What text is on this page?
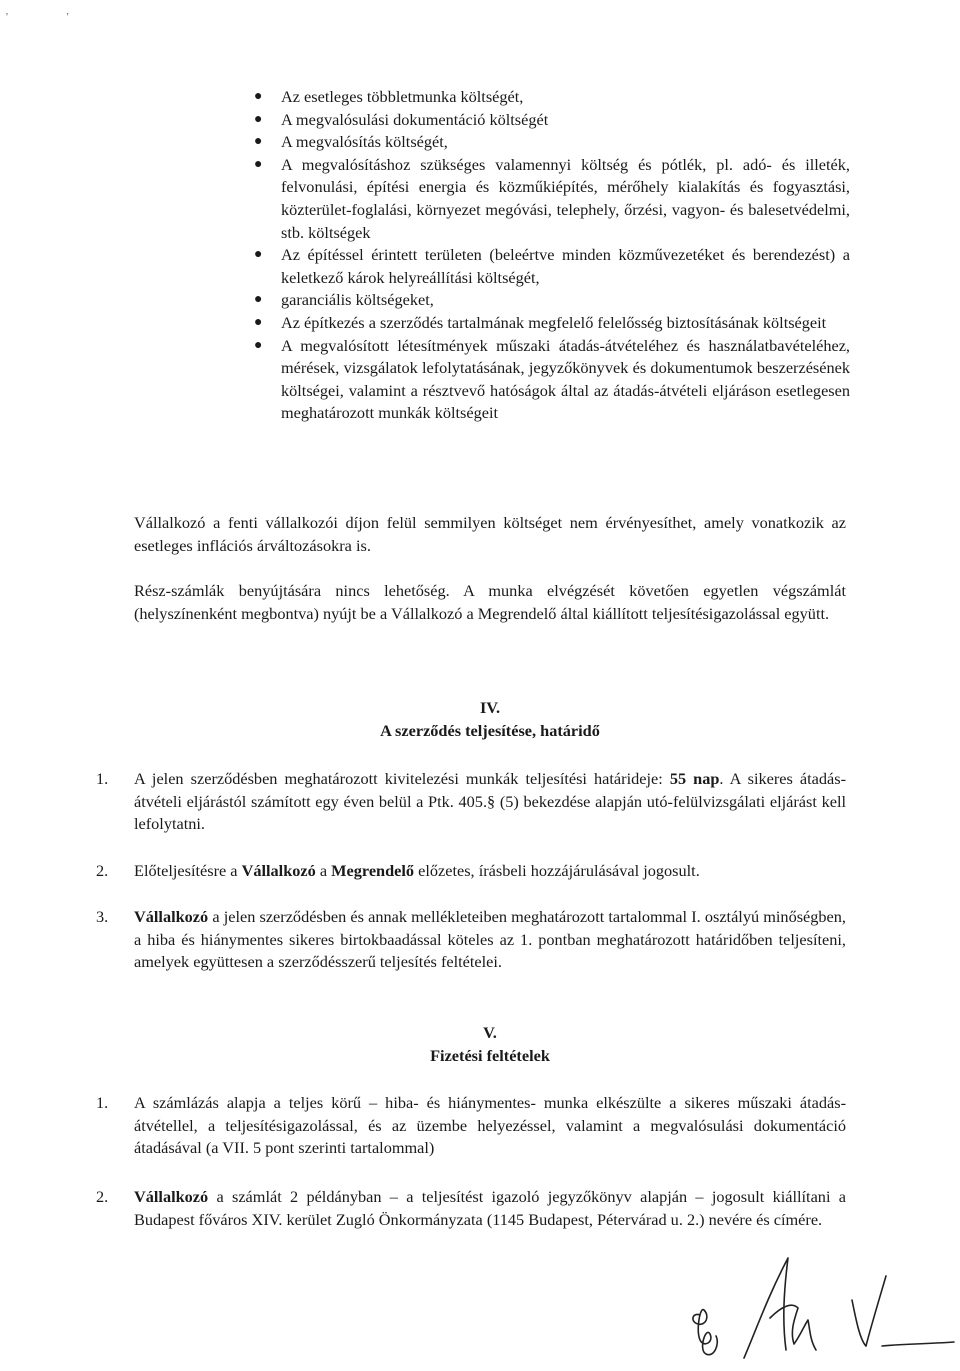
' '
● Az esetleges többletmunka költségét,
● A megvalósulási dokumentáció költségét
● A megvalósítás költségét,
● A megvalósításhoz szükséges valamennyi költség és pótlék, pl. adó- és illeték, felvonulási, építési energia és közműkiépítés, mérőhely kialakítás és fogyasztási, közterület-foglalási, környezet megóvási, telephely, őrzési, vagyon- és balesetvédelmi, stb. költségek
● Az építéssel érintett területen (beleértve minden közművezetéket és berendezést) a keletkező károk helyreállítási költségét,
● garanciális költségeket,
● Az építkezés a szerződés tartalmának megfelelő felelősség biztosításának költségeit
● A megvalósított létesítmények műszaki átadás-átvételéhez és használatbavételéhez, mérések, vizsgálatok lefolytatásának, jegyzőkönyvek és dokumentumok beszerzésének költségei, valamint a résztvevő hatóságok által az átadás-átvételi eljáráson esetlegesen meghatározott munkák költségeit

Vállalkozó a fenti vállalkozói díjon felül semmilyen költséget nem érvényesíthet, amely vonatkozik az esetleges inflációs árváltozásokra is.

Rész-számlák benyújtására nincs lehetőség. A munka elvégzését követően egyetlen végszámlát (helyszínenként megbontva) nyújt be a Vállalkozó a Megrendelő által kiállított teljesítésigazolással együtt.

IV.
A szerződés teljesítése, határidő
1. A jelen szerződésben meghatározott kivitelezési munkák teljesítési határideje: 55 nap. A sikeres átadás-átvételi eljárástól számított egy éven belül a Ptk. 405.§ (5) bekezdése alapján utó-felülvizsgálati eljárást kell lefolytatni.
2. Előteljesítésre a Vállalkozó a Megrendelő előzetes, írásbeli hozzájárulásával jogosult.
3. Vállalkozó a jelen szerződésben és annak mellékleteiben meghatározott tartalommal I. osztályú minőségben, a hiba és hiánymentes sikeres birtokbaadással köteles az 1. pontban meghatározott határidőben teljesíteni, amelyek együttesen a szerződésszerű teljesítés feltételei.
V.
Fizetési feltételek
1. A számlázás alapja a teljes körű – hiba- és hiánymentes- munka elkészülte a sikeres műszaki átadás- átvétellel, a teljesítésigazolással, és az üzembe helyezéssel, valamint a megvalósulási dokumentáció átadásával (a VII. 5 pont szerinti tartalommal)
2. Vállalkozó a számlát 2 példányban – a teljesítést igazoló jegyzőkönyv alapján – jogosult kiállítani a Budapest főváros XIV. kerület Zugló Önkormányzata (1145 Budapest, Pétervárad u. 2.) nevére és címére.
